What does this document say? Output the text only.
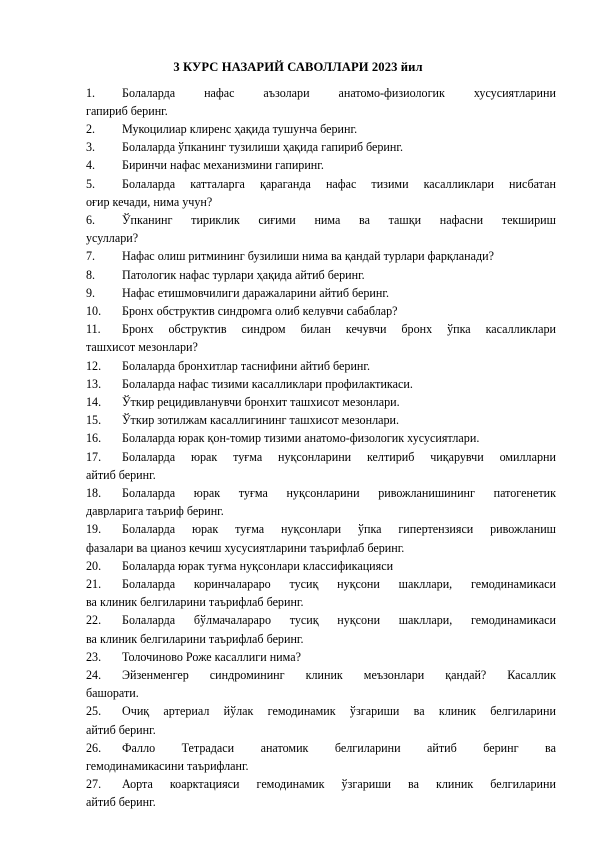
3 КУРС НАЗАРИЙ САВОЛЛАРИ 2023 йил
1. Болаларда нафас аъзолари анатомо-физиологик хусусиятларини
гапириб беринг.
2.	Мукоцилиар клиренс ҳақида тушунча беринг.
3.	Болаларда ўпканинг тузилиши ҳақида гапириб беринг.
4.	Биринчи нафас механизмини гапиринг.
5. Болаларда катталарга қараганда нафас тизими касалликлари нисбатан
оғир кечади, нима учун?
6. Ўпканинг тириклик сиғими нима ва ташқи нафасни текшириш
усуллари?
7.	Нафас олиш ритмининг бузилиши нима ва қандай турлари фарқланади?
8.	Патологик нафас турлари ҳақида айтиб беринг.
9.	Нафас етишмовчилиги даражаларини айтиб беринг.
10.	Бронх обструктив синдромга олиб келувчи сабаблар?
11. Бронх обструктив синдром билан кечувчи бронх ўпка касалликлари
ташхисот мезонлари?
12.	Болаларда бронхитлар таснифини айтиб беринг.
13.	Болаларда нафас тизими касалликлари профилактикаси.
14.	Ўткир рецидивланувчи бронхит ташхисот мезонлари.
15.	Ўткир зотилжам касаллигининг ташхисот мезонлари.
16.	Болаларда юрак қон-томир тизими анатомо-физологик хусусиятлари.
17. Болаларда юрак туғма нуқсонларини келтириб чиқарувчи омилларни
айтиб беринг.
18. Болаларда юрак туғма нуқсонларини ривожланишининг патогенетик
даврларига таъриф беринг.
19. Болаларда юрак туғма нуқсонлари ўпка гипертензияси ривожланиш
фазалари ва цианоз кечиш хусусиятларини таърифлаб беринг.
20.	Болаларда юрак туғма нуқсонлари классификацияси
21. Болаларда коринчалараро тусиқ нуқсони шакллари, гемодинамикаси
ва клиник белгиларини таърифлаб беринг.
22. Болаларда бўлмачалараро тусиқ нуқсони шакллари, гемодинамикаси
ва клиник белгиларини таърифлаб беринг.
23.	Толочиново Роже касаллиги нима?
24. Эйзенменгер синдромининг клиник меъзонлари қандай? Касаллик
башорати.
25. Очиқ артериал йўлак гемодинамик ўзгариши ва клиник белгиларини
айтиб беринг.
26. Фалло Тетрадаси анатомик белгиларини айтиб беринг ва
гемодинамикасини таърифланг.
27. Аорта коарктацияси гемодинамик ўзгариши ва клиник белгиларини
айтиб беринг.
